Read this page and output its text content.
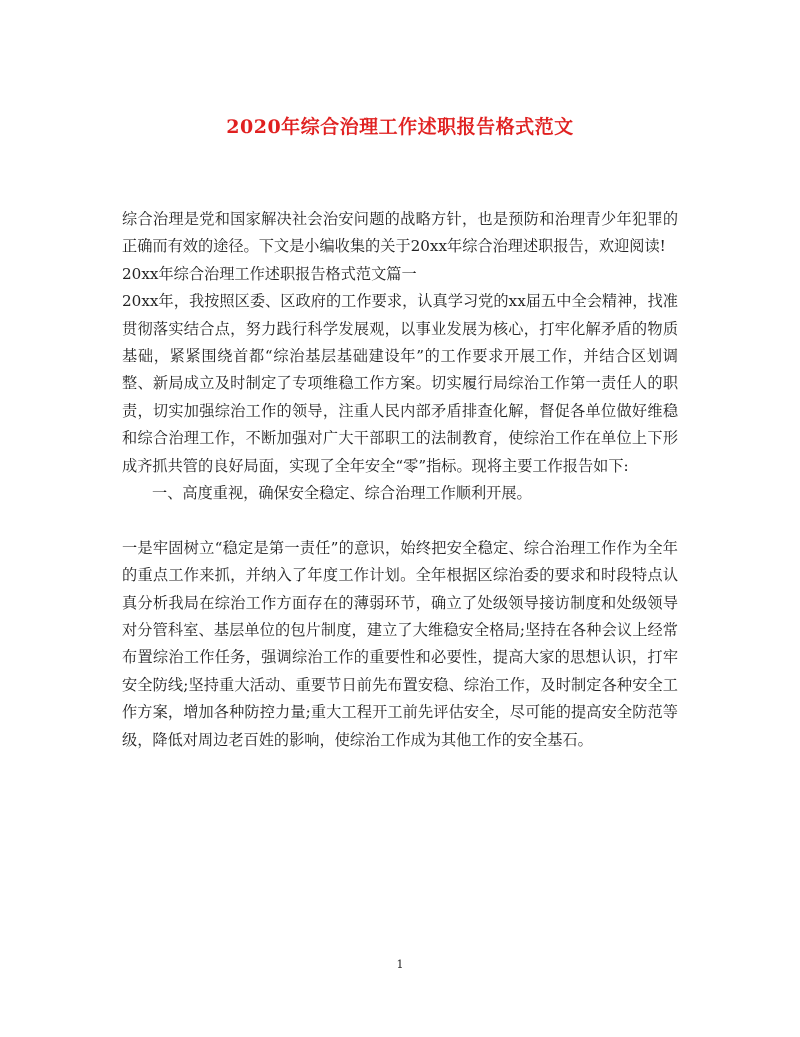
2020年综合治理工作述职报告格式范文

综合治理是党和国家解决社会治安问题的战略方针，也是预防和治理青少年犯罪的正确而有效的途径。下文是小编收集的关于20xx年综合治理述职报告，欢迎阅读!

20xx年综合治理工作述职报告格式范文篇一

20xx年，我按照区委、区政府的工作要求，认真学习党的xx届五中全会精神，找准贯彻落实结合点，努力践行科学发展观，以事业发展为核心，打牢化解矛盾的物质基础，紧紧围绕首都“综治基层基础建设年”的工作要求开展工作，并结合区划调整、新局成立及时制定了专项维稳工作方案。切实履行局综治工作第一责任人的职责，切实加强综治工作的领导，注重人民内部矛盾排查化解，督促各单位做好维稳和综合治理工作，不断加强对广大干部职工的法制教育，使综治工作在单位上下形成齐抓共管的良好局面，实现了全年安全“零”指标。现将主要工作报告如下:

一、高度重视，确保安全稳定、综合治理工作顺利开展。

一是牢固树立“稳定是第一责任”的意识，始终把安全稳定、综合治理工作作为全年的重点工作来抓，并纳入了年度工作计划。全年根据区综治委的要求和时段特点认真分析我局在综治工作方面存在的薄弱环节，确立了处级领导接访制度和处级领导对分管科室、基层单位的包片制度，建立了大维稳安全格局;坚持在各种会议上经常布置综治工作任务，强调综治工作的重要性和必要性，提高大家的思想认识，打牢安全防线;坚持重大活动、重要节日前先布置安稳、综治工作，及时制定各种安全工作方案，增加各种防控力量;重大工程开工前先评估安全，尽可能的提高安全防范等级，降低对周边老百姓的影响，使综治工作成为其他工作的安全基石。

1
